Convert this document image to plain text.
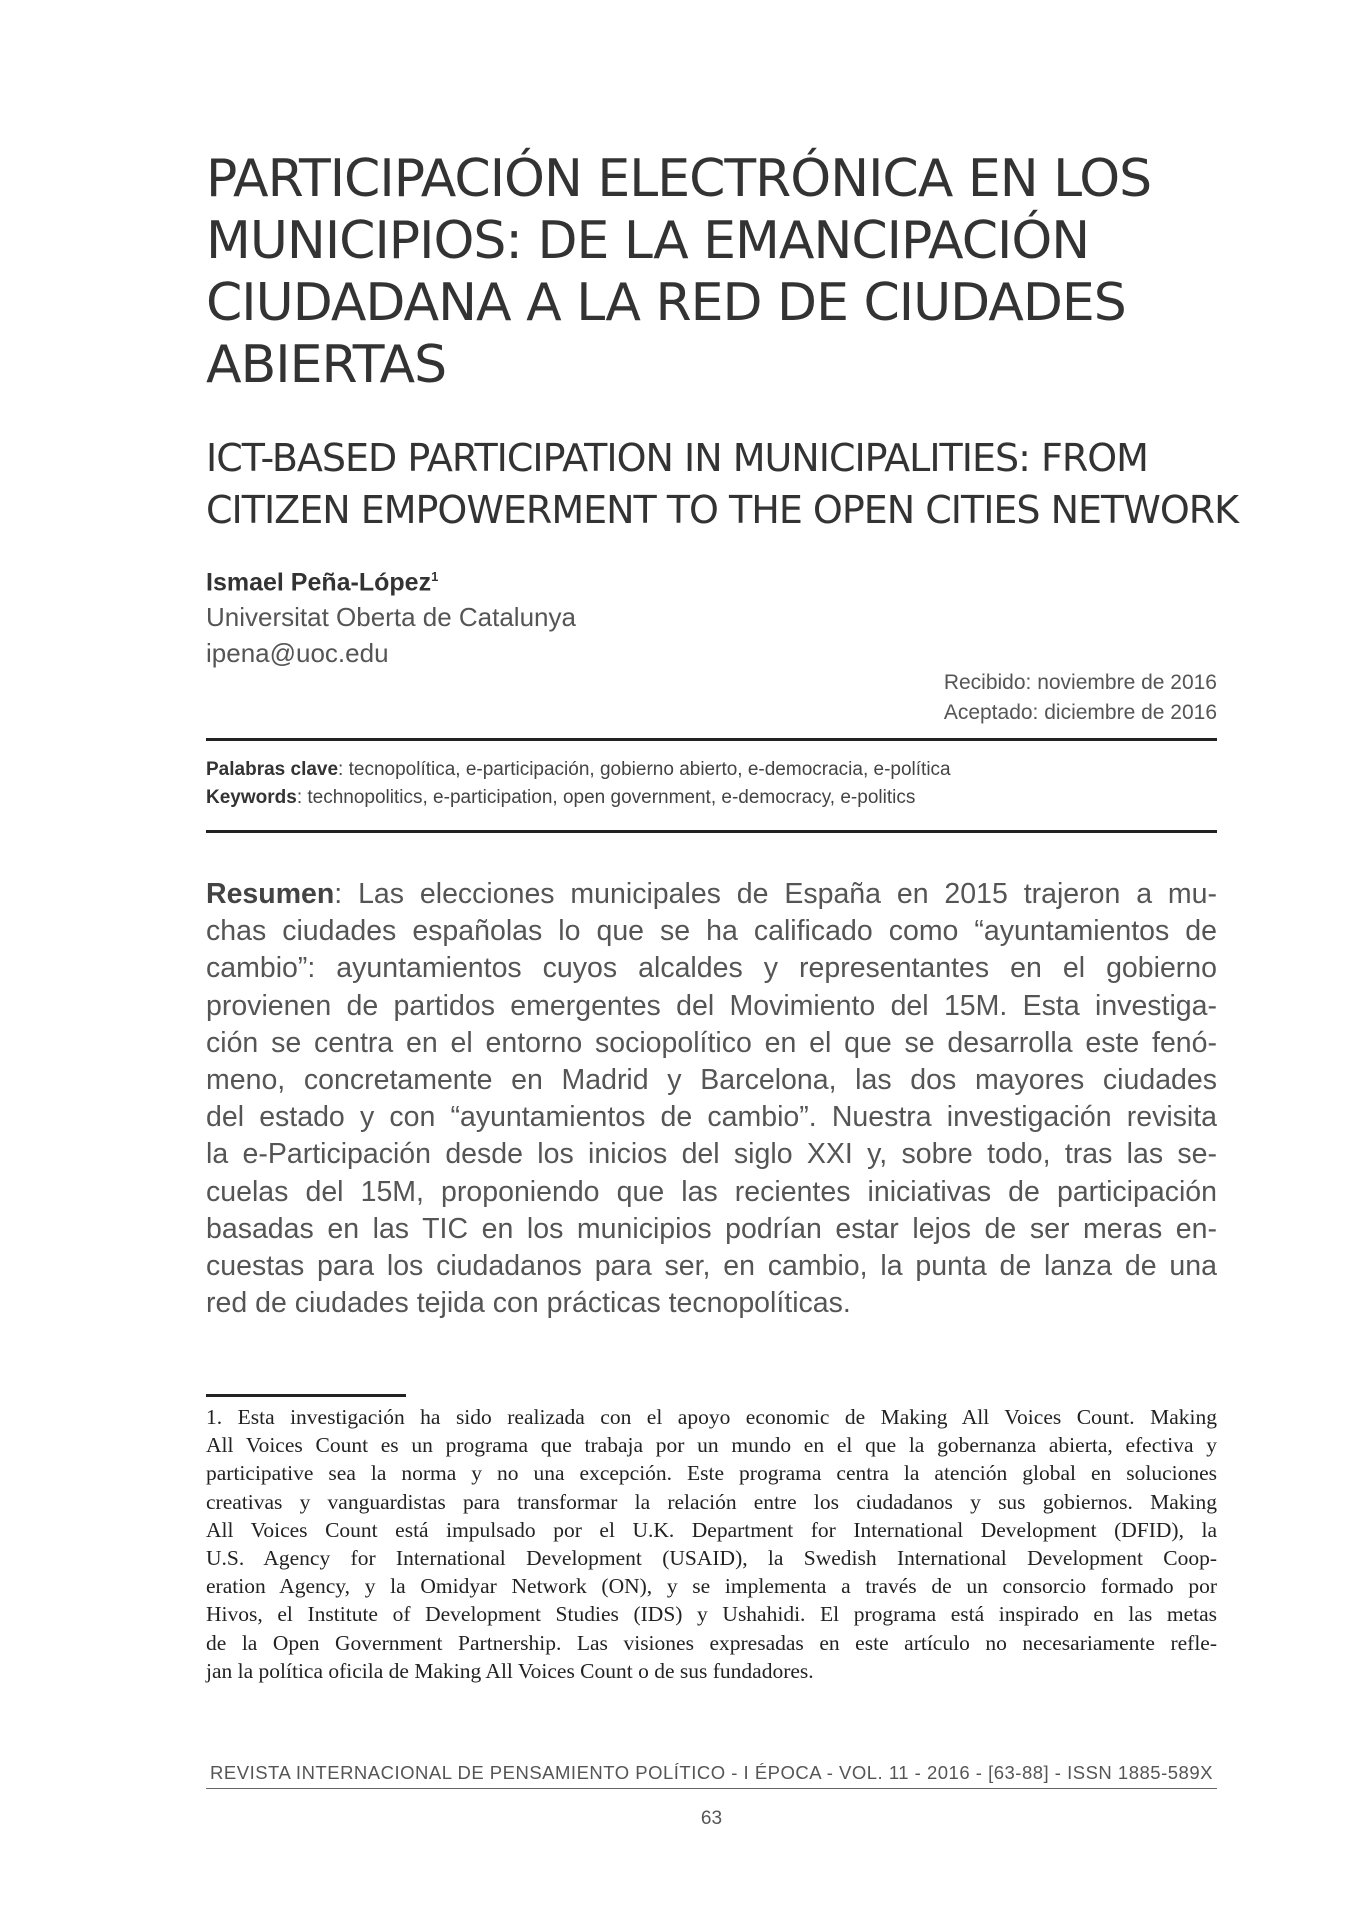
PARTICIPACIÓN ELECTRÓNICA EN LOS
MUNICIPIOS: DE LA EMANCIPACIÓN
CIUDADANA A LA RED DE CIUDADES
ABIERTAS
ICT-BASED PARTICIPATION IN MUNICIPALITIES: FROM
CITIZEN EMPOWERMENT TO THE OPEN CITIES NETWORK
Ismael Peña-López$^1$
Universitat Oberta de Catalunya
ipena@uoc.edu
Recibido: noviembre de 2016
Aceptado: diciembre de 2016
Palabras clave: tecnopolítica, e-participación, gobierno abierto, e-democracia, e-política
Keywords: technopolitics, e-participation, open government, e-democracy, e-politics
Resumen: Las elecciones municipales de España en 2015 trajeron a mu-
chas ciudades españolas lo que se ha calificado como “ayuntamientos de
cambio”: ayuntamientos cuyos alcaldes y representantes en el gobierno
provienen de partidos emergentes del Movimiento del 15M. Esta investiga-
ción se centra en el entorno sociopolítico en el que se desarrolla este fenó-
meno, concretamente en Madrid y Barcelona, las dos mayores ciudades
del estado y con “ayuntamientos de cambio”. Nuestra investigación revisita
la e-Participación desde los inicios del siglo XXI y, sobre todo, tras las se-
cuelas del 15M, proponiendo que las recientes iniciativas de participación
basadas en las TIC en los municipios podrían estar lejos de ser meras en-
cuestas para los ciudadanos para ser, en cambio, la punta de lanza de una
red de ciudades tejida con prácticas tecnopolíticas.
1. Esta investigación ha sido realizada con el apoyo economic de Making All Voices Count. Making
All Voices Count es un programa que trabaja por un mundo en el que la gobernanza abierta, efectiva y
participative sea la norma y no una excepción. Este programa centra la atención global en soluciones
creativas y vanguardistas para transformar la relación entre los ciudadanos y sus gobiernos. Making
All Voices Count está impulsado por el U.K. Department for International Development (DFID), la
U.S. Agency for International Development (USAID), la Swedish International Development Coop-
eration Agency, y la Omidyar Network (ON), y se implementa a través de un consorcio formado por
Hivos, el Institute of Development Studies (IDS) y Ushahidi. El programa está inspirado en las metas
de la Open Government Partnership. Las visiones expresadas en este artículo no necesariamente refle-
jan la política oficila de Making All Voices Count o de sus fundadores.
REVISTA INTERNACIONAL DE PENSAMIENTO POLÍTICO - I ÉPOCA - VOL. 11 - 2016 - [63-88] - ISSN 1885-589X
63
